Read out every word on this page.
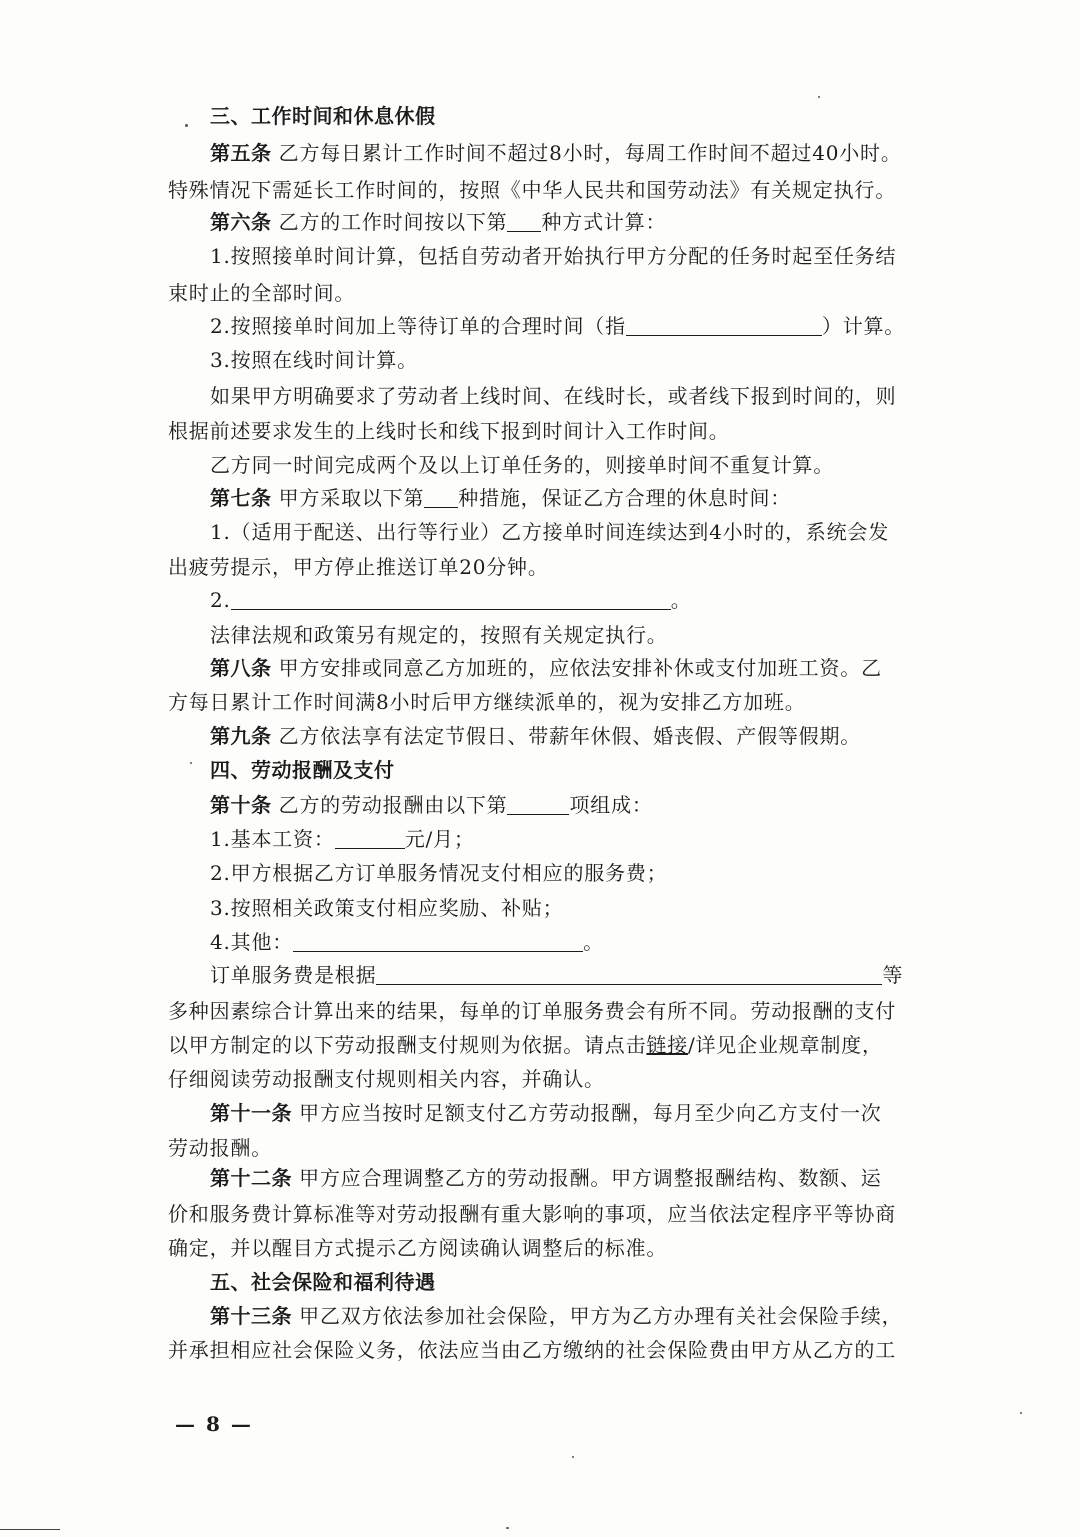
三、工作时间和休息休假
第五条 乙方每日累计工作时间不超过8小时，每周工作时间不超过40小时。
特殊情况下需延长工作时间的，按照《中华人民共和国劳动法》有关规定执行。
第六条 乙方的工作时间按以下第 种方式计算：
1.按照接单时间计算，包括自劳动者开始执行甲方分配的任务时起至任务结
束时止的全部时间。
2.按照接单时间加上等待订单的合理时间（指	）计算。
3.按照在线时间计算。
如果甲方明确要求了劳动者上线时间、在线时长，或者线下报到时间的，则
根据前述要求发生的上线时长和线下报到时间计入工作时间。
乙方同一时间完成两个及以上订单任务的，则接单时间不重复计算。
第七条 甲方采取以下第 种措施，保证乙方合理的休息时间：
1.（适用于配送、出行等行业）乙方接单时间连续达到4小时的，系统会发
出疲劳提示，甲方停止推送订单20分钟。
2.	。
法律法规和政策另有规定的，按照有关规定执行。
第八条 甲方安排或同意乙方加班的，应依法安排补休或支付加班工资。乙
方每日累计工作时间满8小时后甲方继续派单的，视为安排乙方加班。
第九条 乙方依法享有法定节假日、带薪年休假、婚丧假、产假等假期。
四、劳动报酬及支付
第十条 乙方的劳动报酬由以下第	项组成：
1.基本工资：	元/月；
2.甲方根据乙方订单服务情况支付相应的服务费；
3.按照相关政策支付相应奖励、补贴；
4.其他：	。
订单服务费是根据	等
多种因素综合计算出来的结果，每单的订单服务费会有所不同。劳动报酬的支付
以甲方制定的以下劳动报酬支付规则为依据。请点击链接/详见企业规章制度，
仔细阅读劳动报酬支付规则相关内容，并确认。
第十一条 甲方应当按时足额支付乙方劳动报酬，每月至少向乙方支付一次
劳动报酬。
第十二条 甲方应合理调整乙方的劳动报酬。甲方调整报酬结构、数额、运
价和服务费计算标准等对劳动报酬有重大影响的事项，应当依法定程序平等协商
确定，并以醒目方式提示乙方阅读确认调整后的标准。
五、社会保险和福利待遇
第十三条 甲乙双方依法参加社会保险，甲方为乙方办理有关社会保险手续，
并承担相应社会保险义务，依法应当由乙方缴纳的社会保险费由甲方从乙方的工
— 8 —
